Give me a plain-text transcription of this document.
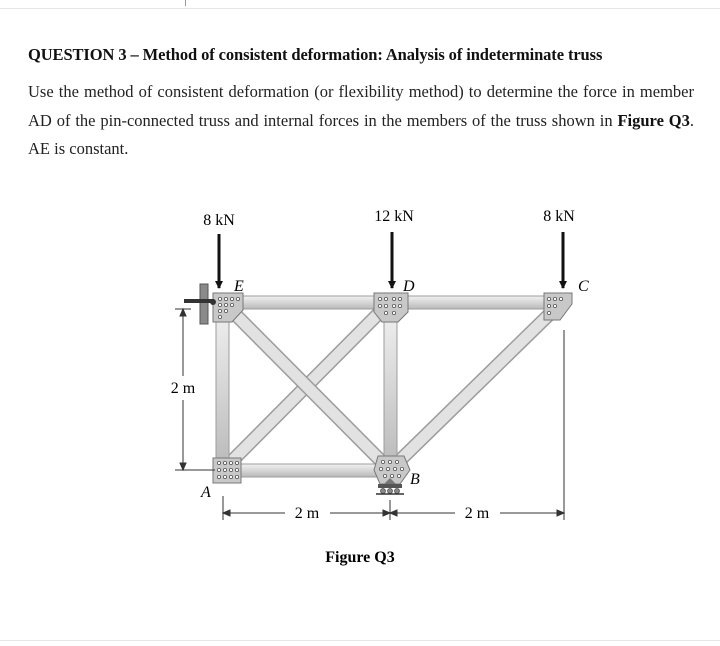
QUESTION 3 – Method of consistent deformation: Analysis of indeterminate truss
Use the method of consistent deformation (or flexibility method) to determine the force in member AD of the pin-connected truss and internal forces in the members of the truss shown in Figure Q3. AE is constant.
8 kN	12 kN	8 kN
E	D	C
B
A
2 m
2 m	2 m
Figure Q3
